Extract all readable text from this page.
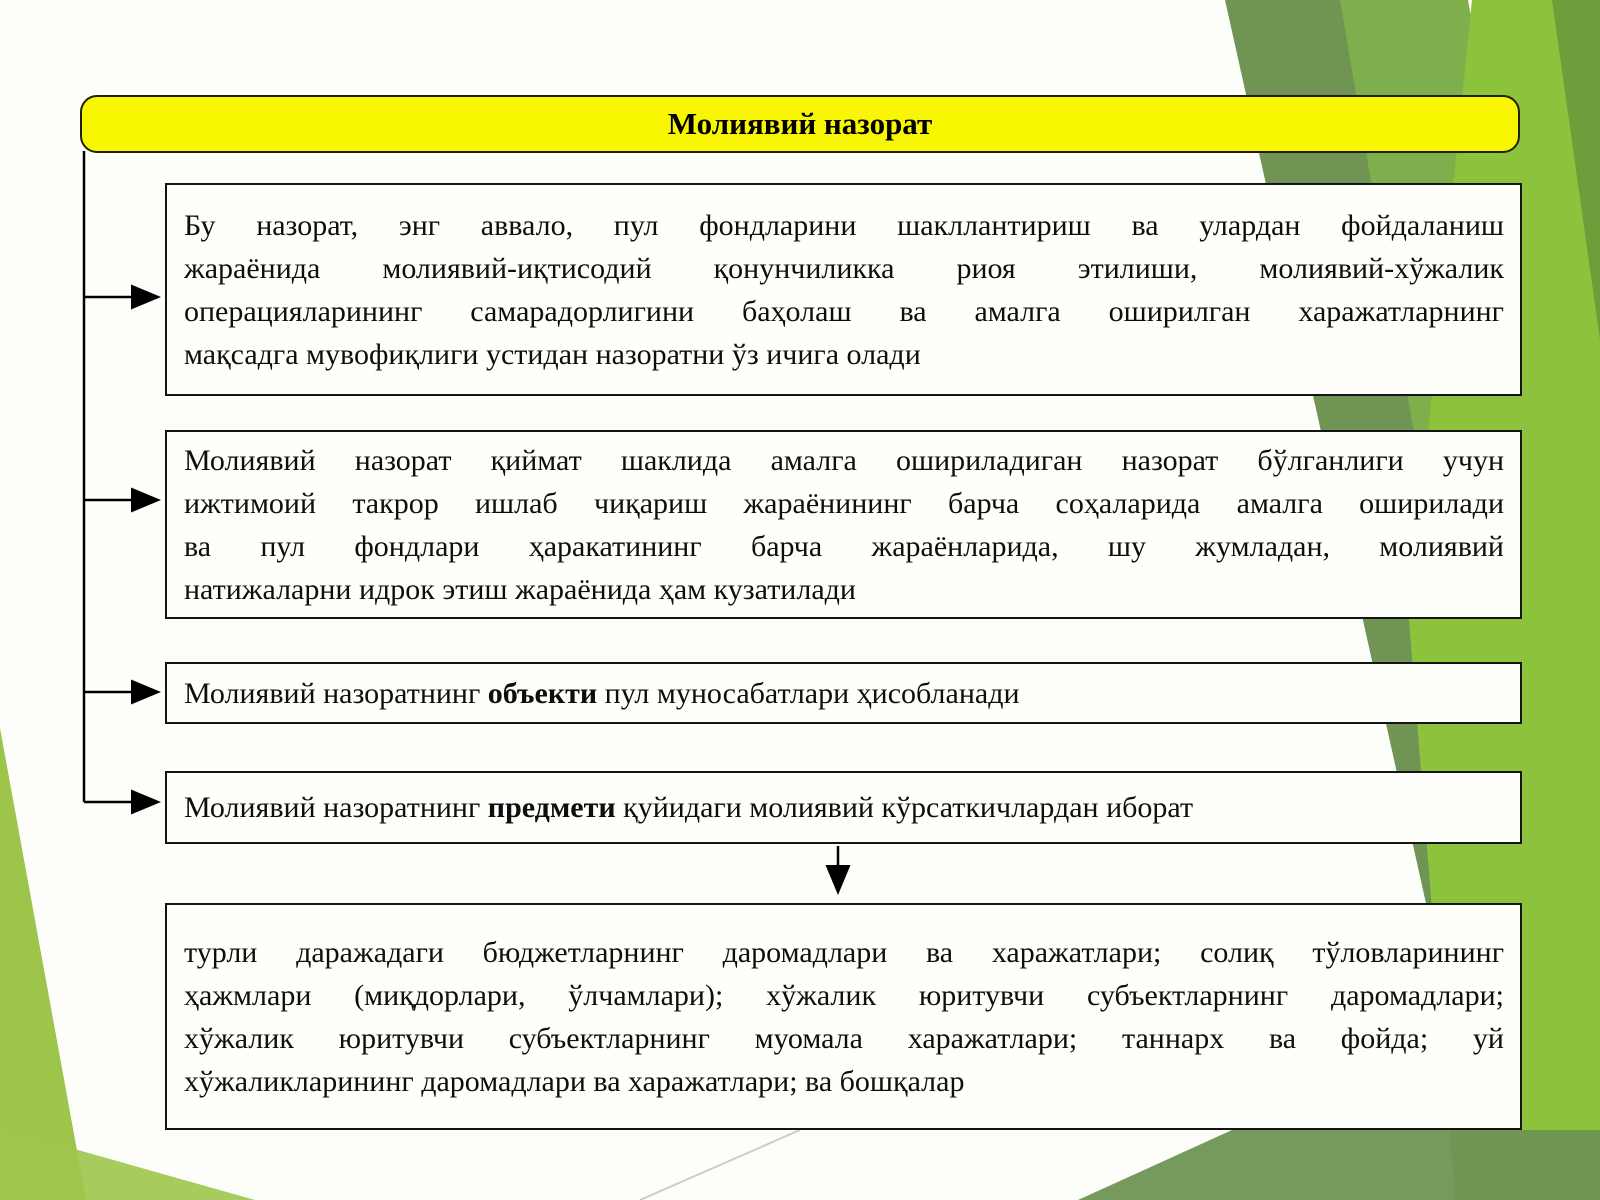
Молиявий назорат
Бу назорат, энг аввало, пул фондларини шакллантириш ва улардан фойдаланиш
жараёнида молиявий-иқтисодий қонунчиликка риоя этилиши, молиявий-хўжалик
операцияларининг самарадорлигини баҳолаш ва амалга оширилган харажатларнинг
мақсадга мувофиқлиги устидан назоратни ўз ичига олади
Молиявий назорат қиймат шаклида амалга ошириладиган назорат бўлганлиги учун
ижтимоий такрор ишлаб чиқариш жараёнининг барча соҳаларида амалга оширилади
ва пул фондлари ҳаракатининг барча жараёнларида, шу жумладан, молиявий
натижаларни идрок этиш жараёнида ҳам кузатилади
Молиявий назоратнинг объекти пул муносабатлари ҳисобланади
Молиявий назоратнинг предмети қуйидаги молиявий кўрсаткичлардан иборат
турли даражадаги бюджетларнинг даромадлари ва харажатлари; солиқ тўловларининг
ҳажмлари (миқдорлари, ўлчамлари); хўжалик юритувчи субъектларнинг даромадлари;
хўжалик юритувчи субъектларнинг муомала харажатлари; таннарх ва фойда; уй
хўжаликларининг даромадлари ва харажатлари; ва бошқалар
